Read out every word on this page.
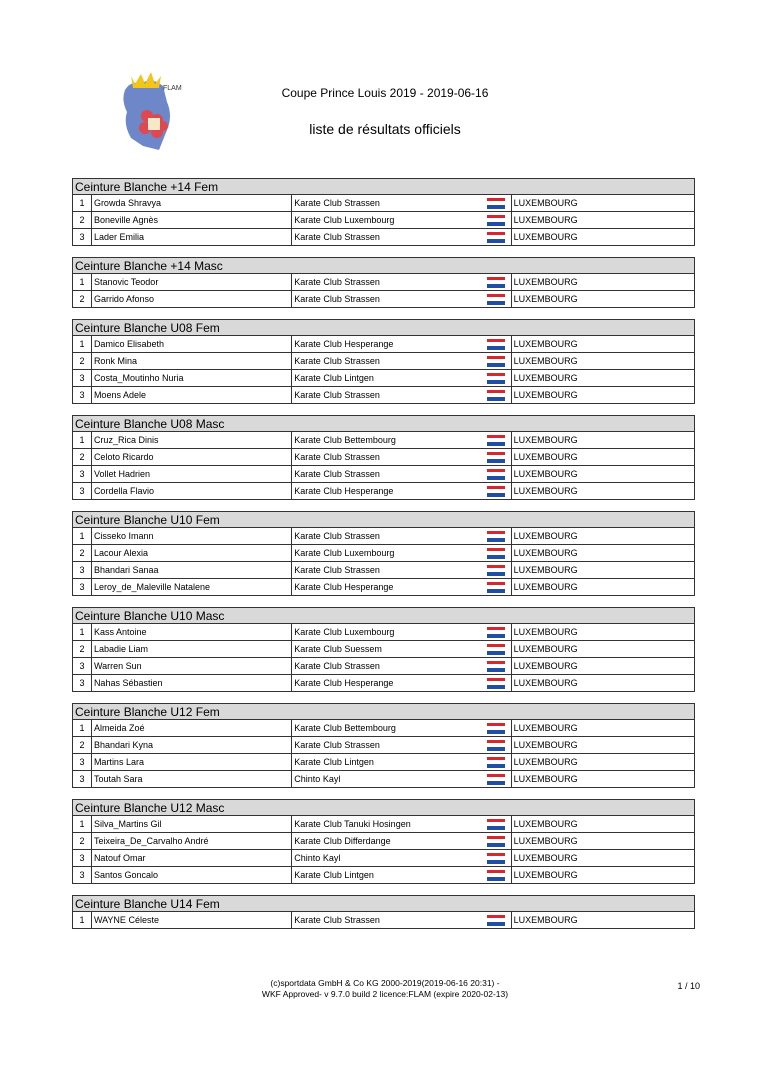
FLAM	Coupe Prince Louis 2019 - 2019-06-16
liste de résultats officiels
Ceinture Blanche +14 Fem
1	Growda Shravya	Karate Club Strassen	LUXEMBOURG
2	Boneville Agnès	Karate Club Luxembourg	LUXEMBOURG
3	Lader Emilia	Karate Club Strassen	LUXEMBOURG
Ceinture Blanche +14 Masc
1	Stanovic Teodor	Karate Club Strassen	LUXEMBOURG
2	Garrido Afonso	Karate Club Strassen	LUXEMBOURG
Ceinture Blanche U08 Fem
1	Damico Elisabeth	Karate Club Hesperange	LUXEMBOURG
2	Ronk Mina	Karate Club Strassen	LUXEMBOURG
3	Costa_Moutinho Nuria	Karate Club Lintgen	LUXEMBOURG
3	Moens Adele	Karate Club Strassen	LUXEMBOURG
Ceinture Blanche U08 Masc
1	Cruz_Rica Dinis	Karate Club Bettembourg	LUXEMBOURG
2	Celoto Ricardo	Karate Club Strassen	LUXEMBOURG
3	Vollet Hadrien	Karate Club Strassen	LUXEMBOURG
3	Cordella Flavio	Karate Club Hesperange	LUXEMBOURG
Ceinture Blanche U10 Fem
1	Cisseko Imann	Karate Club Strassen	LUXEMBOURG
2	Lacour Alexia	Karate Club Luxembourg	LUXEMBOURG
3	Bhandari Sanaa	Karate Club Strassen	LUXEMBOURG
3	Leroy_de_Maleville Natalene	Karate Club Hesperange	LUXEMBOURG
Ceinture Blanche U10 Masc
1	Kass Antoine	Karate Club Luxembourg	LUXEMBOURG
2	Labadie Liam	Karate Club Suessem	LUXEMBOURG
3	Warren Sun	Karate Club Strassen	LUXEMBOURG
3	Nahas Sébastien	Karate Club Hesperange	LUXEMBOURG
Ceinture Blanche U12 Fem
1	Almeida Zoé	Karate Club Bettembourg	LUXEMBOURG
2	Bhandari Kyna	Karate Club Strassen	LUXEMBOURG
3	Martins Lara	Karate Club Lintgen	LUXEMBOURG
3	Toutah Sara	Chinto Kayl	LUXEMBOURG
Ceinture Blanche U12 Masc
1	Silva_Martins Gil	Karate Club Tanuki Hosingen	LUXEMBOURG
2	Teixeira_De_Carvalho André	Karate Club Differdange	LUXEMBOURG
3	Natouf Omar	Chinto Kayl	LUXEMBOURG
3	Santos Goncalo	Karate Club Lintgen	LUXEMBOURG
Ceinture Blanche U14 Fem
1	WAYNE Céleste	Karate Club Strassen	LUXEMBOURG
(c)sportdata GmbH & Co KG 2000-2019(2019-06-16 20:31) -
WKF Approved- v 9.7.0 build 2 licence:FLAM (expire 2020-02-13)
1 / 10
